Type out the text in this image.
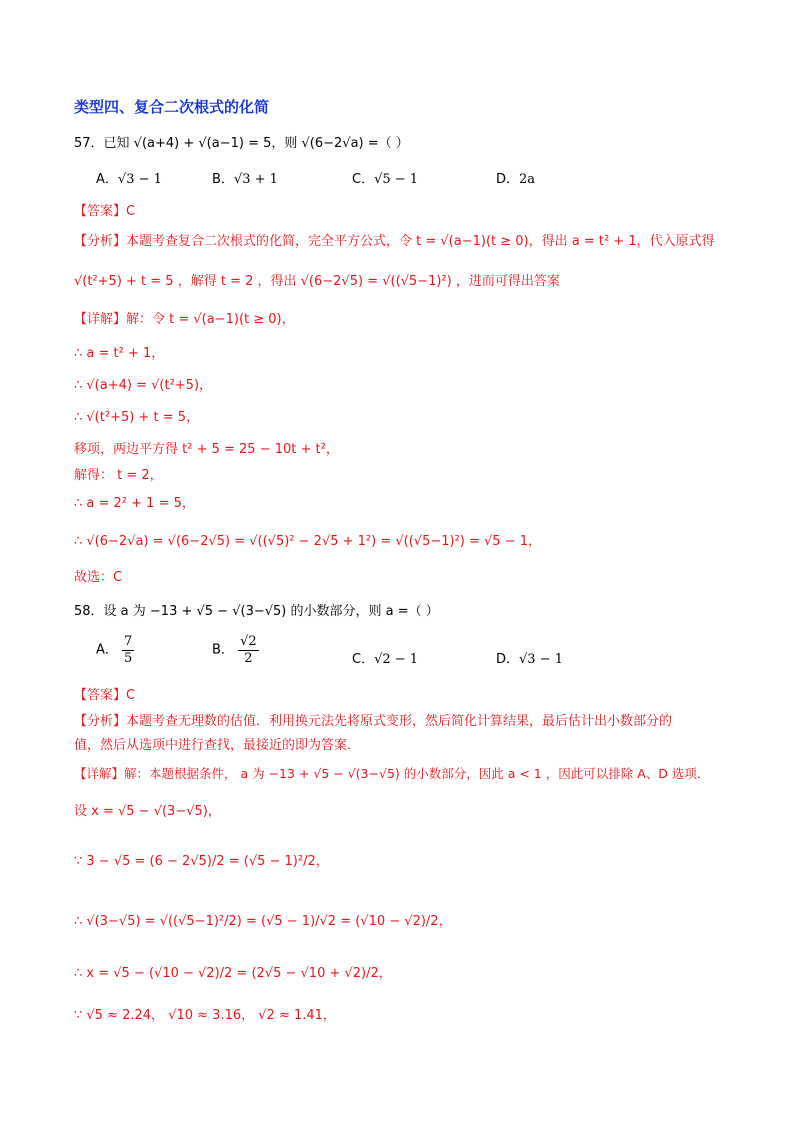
类型四、复合二次根式的化简
57．已知 √(a+4) + √(a−1) = 5，则 √(6−2√a) =（ ）
A．√3 − 1	B．√3 + 1	C．√5 − 1	D．2a
【答案】C
【分析】本题考查复合二次根式的化简，完全平方公式，令 t = √(a−1)(t ≥ 0)，得出 a = t² + 1，代入原式得
√(t²+5) + t = 5 ，解得 t = 2 ，得出 √(6−2√5) = √((√5−1)²) ，进而可得出答案
【详解】解：令 t = √(a−1)(t ≥ 0)，
∴ a = t² + 1，
∴ √(a+4) = √(t²+5)，
∴ √(t²+5) + t = 5，
移项，两边平方得 t² + 5 = 25 − 10t + t²，
解得： t = 2，
∴ a = 2² + 1 = 5，
∴ √(6−2√a) = √(6−2√5) = √((√5)² − 2√5 + 1²) = √((√5−1)²) = √5 − 1，
故选：C
58．设 a 为 −13 + √5 − √(3−√5) 的小数部分，则 a =（ ）
A． $\frac{7}{5}$	B． $\frac{√2}{2}$	C．√2 − 1	D．√3 − 1
【答案】C
【分析】本题考查无理数的估值．利用换元法先将原式变形，然后简化计算结果，最后估计出小数部分的
值，然后从选项中进行查找，最接近的即为答案．
【详解】解：本题根据条件， a 为 −13 + √5 − √(3−√5) 的小数部分，因此 a < 1 ，因此可以排除 A、D 选项．
设 x = √5 − √(3−√5)，
∵ 3 − √5 = (6 − 2√5)/2 = (√5 − 1)²/2，
∴ √(3−√5) = √((√5−1)²/2) = (√5 − 1)/√2 = (√10 − √2)/2，
∴ x = √5 − (√10 − √2)/2 = (2√5 − √10 + √2)/2，
∵ √5 ≈ 2.24， √10 ≈ 3.16， √2 ≈ 1.41，
